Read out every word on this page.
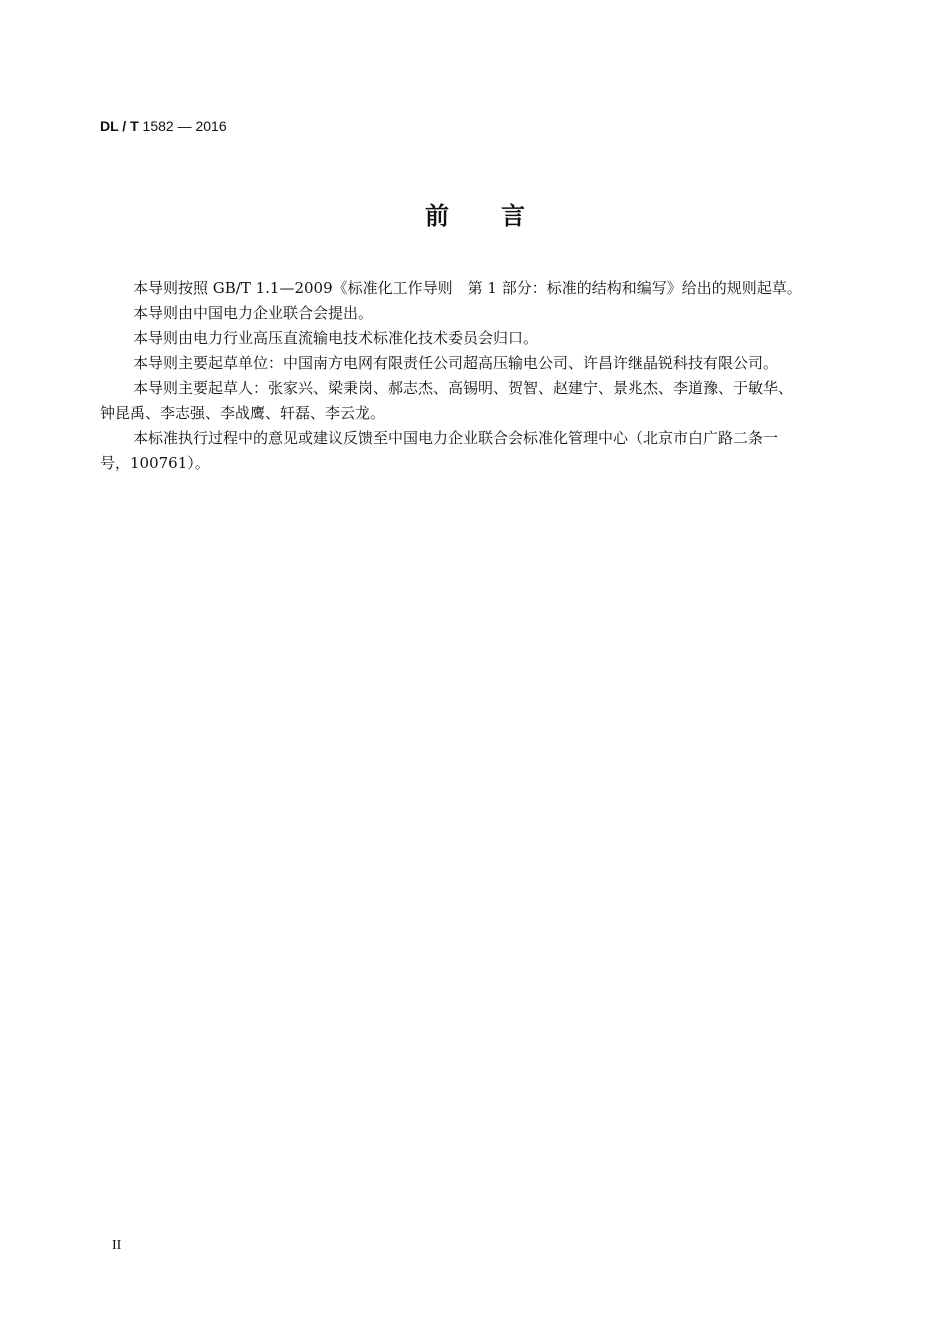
DL / T 1582 — 2016
前 言

本导则按照 GB/T 1.1—2009《标准化工作导则　第 1 部分：标准的结构和编写》给出的规则起草。

本导则由中国电力企业联合会提出。

本导则由电力行业高压直流输电技术标准化技术委员会归口。

本导则主要起草单位：中国南方电网有限责任公司超高压输电公司、许昌许继晶锐科技有限公司。

本导则主要起草人：张家兴、梁秉岗、郝志杰、高锡明、贺智、赵建宁、景兆杰、李道豫、于敏华、
钟昆禹、李志强、李战鹰、轩磊、李云龙。
本标准执行过程中的意见或建议反馈至中国电力企业联合会标准化管理中心（北京市白广路二条一
号，100761）。
II
